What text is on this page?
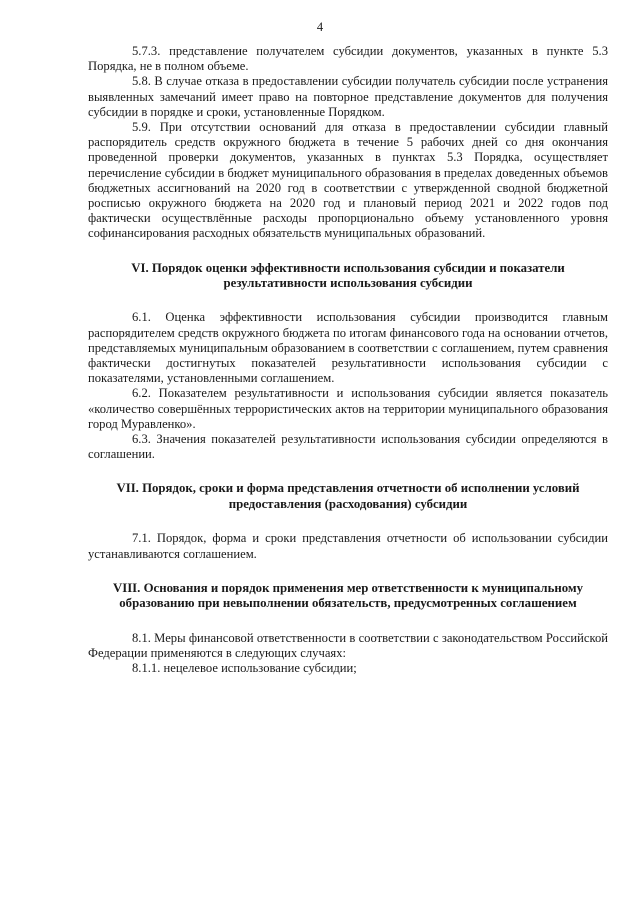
4

5.7.3. представление получателем субсидии документов, указанных в пункте 5.3 Порядка, не в полном объеме.

5.8. В случае отказа в предоставлении субсидии получатель субсидии после устранения выявленных замечаний имеет право на повторное представление документов для получения субсидии в порядке и сроки, установленные Порядком.

5.9. При отсутствии оснований для отказа в предоставлении субсидии главный распорядитель средств окружного бюджета в течение 5 рабочих дней со дня окончания проведенной проверки документов, указанных в пунктах 5.3 Порядка, осуществляет перечисление субсидии в бюджет муниципального образования в пределах доведенных объемов бюджетных ассигнований на 2020 год в соответствии с утвержденной сводной бюджетной росписью окружного бюджета на 2020 год и плановый период 2021 и 2022 годов под фактически осуществлённые расходы пропорционально объему установленного уровня софинансирования расходных обязательств муниципальных образований.

VI. Порядок оценки эффективности использования субсидии и показатели результативности использования субсидии

6.1. Оценка эффективности использования субсидии производится главным распорядителем средств окружного бюджета по итогам финансового года на основании отчетов, представляемых муниципальным образованием в соответствии с соглашением, путем сравнения фактически достигнутых показателей результативности использования субсидии с показателями, установленными соглашением.

6.2. Показателем результативности и использования субсидии является показатель «количество совершённых террористических актов на территории муниципального образования город Муравленко».

6.3. Значения показателей результативности использования субсидии определяются в соглашении.

VII. Порядок, сроки и форма представления отчетности об исполнении условий предоставления (расходования) субсидии

7.1. Порядок, форма и сроки представления отчетности об использовании субсидии устанавливаются соглашением.

VIII. Основания и порядок применения мер ответственности к муниципальному образованию при невыполнении обязательств, предусмотренных соглашением

8.1. Меры финансовой ответственности в соответствии с законодательством Российской Федерации применяются в следующих случаях:

8.1.1. нецелевое использование субсидии;
